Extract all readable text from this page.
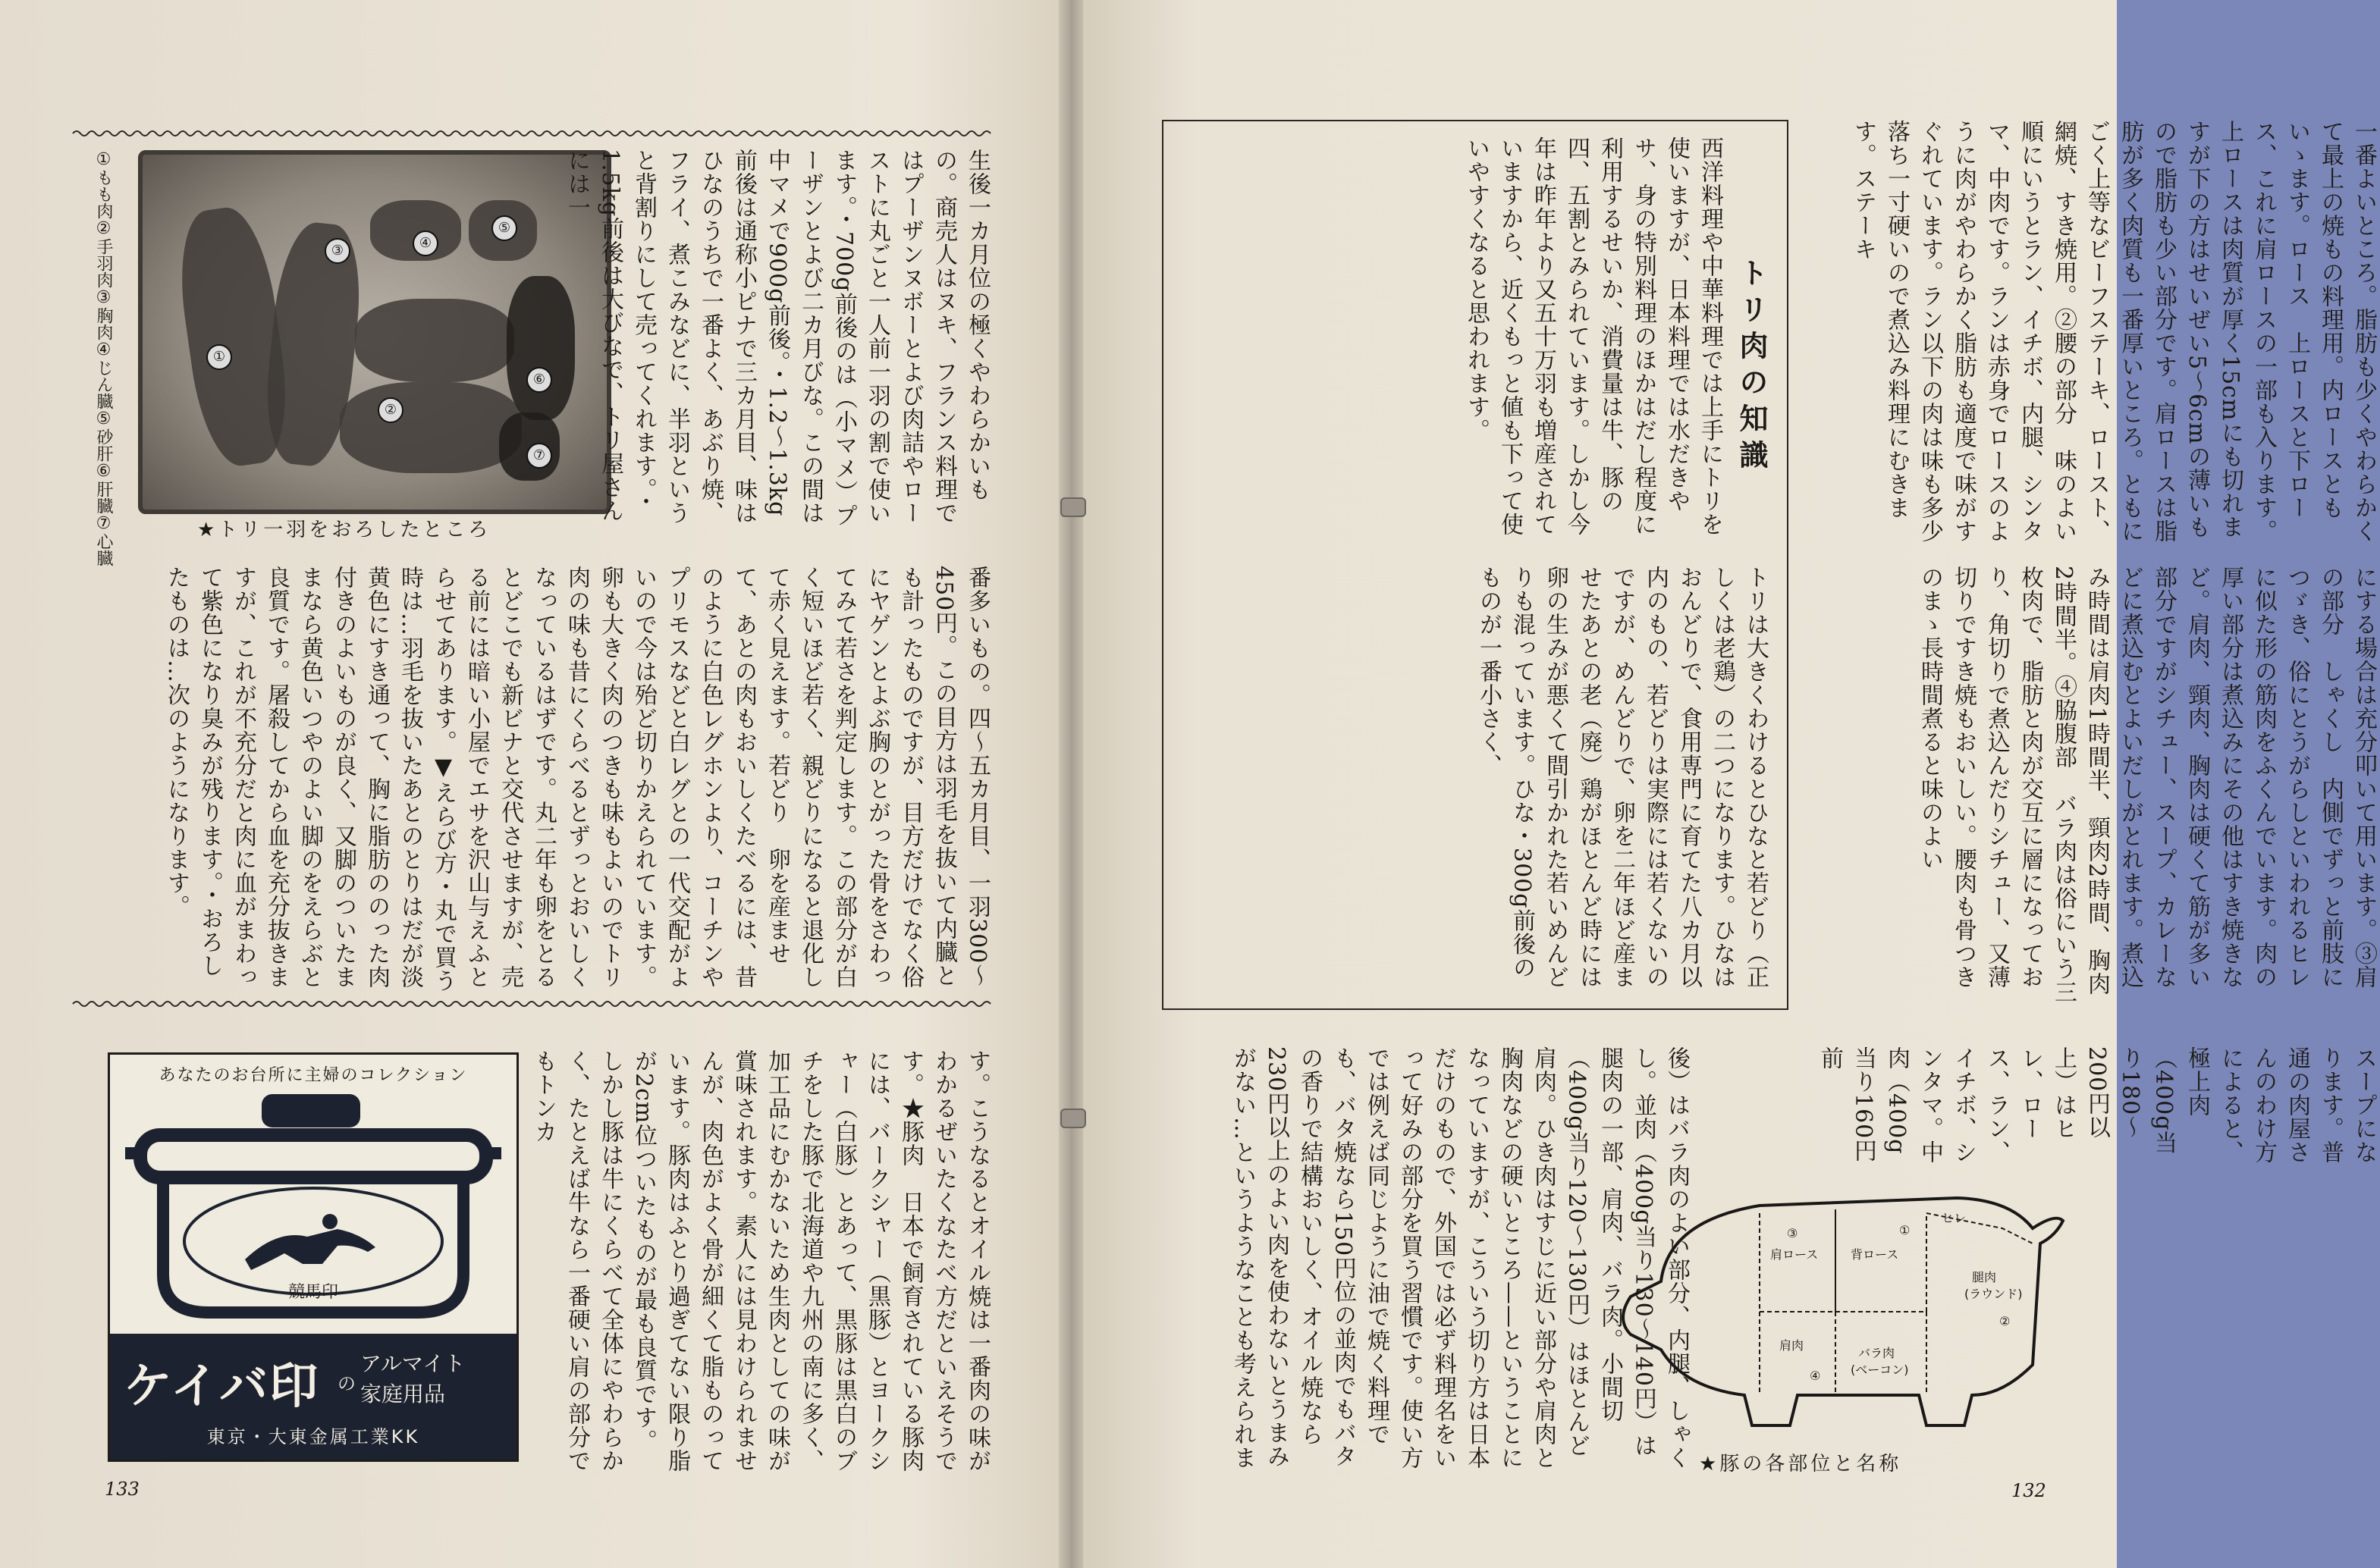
①もも肉②手羽肉③胸肉④じん臓⑤砂肝⑥肝臓⑦心臓	①
②
③	④
⑤
⑥
⑦
★トリ一羽をおろしたところ
生後一カ月位の極くやわらかいもの。商売人はヌキ、フランス料理ではプーザンヌボーとよび肉詰やローストに丸ごと一人前一羽の割で使います。・700g前後のは（小マメ）プーザンとよび二カ月びな。この間は中マメで900g前後。・1.2～1.3kg前後は通称小ピナで三カ月目、味はひなのうちで一番よく、あぶり焼、フライ、煮こみなどに、半羽というと背割りにして売ってくれます。・1.5kg前後は大びなで、トリ屋さんには一
番多いもの。四～五カ月目、一羽300～450円。この目方は羽毛を抜いて内臓とも計ったものですが、目方だけでなく俗にヤゲンとよぶ胸のとがった骨をさわってみて若さを判定します。この部分が白く短いほど若く、親どりになると退化して赤く見えます。若どり　卵を産ませて、あとの肉もおいしくたべるには、昔のように白色レグホンより、コーチンやプリモスなどと白レグとの一代交配がよいので今は殆ど切りかえられています。卵も大きく肉のつきも味もよいのでトリ肉の味も昔にくらべるとずっとおいしくなっているはずです。丸二年も卵をとるとどこでも新ビナと交代させますが、売る前には暗い小屋でエサを沢山与えふとらせてあります。▼えらび方・丸で買う時は…羽毛を抜いたあとのとりはだが淡黄色にすき通って、胸に脂肪ののった肉付きのよいものが良く、又脚のついたままなら黄色いつやのよい脚のをえらぶと良質です。屠殺してから血を充分抜きますが、これが不充分だと肉に血がまわって紫色になり臭みが残ります。・おろしたものは…次のようになります。
あなたのお台所に主婦のコレクション
競馬印
ケイバ印 の
アルマイト
家庭用品
東京・大東金属工業KK	す。こうなるとオイル焼は一番肉の味がわかるぜいたくなたべ方だといえそうです。★豚肉　日本で飼育されている豚肉には、バークシャー（黒豚）とヨークシャー（白豚）とあって、黒豚は黒白のブチをした豚で北海道や九州の南に多く、加工品にむかないため生肉としての味が賞味されます。素人には見わけられませんが、肉色がよく骨が細くて脂ものっています。豚肉はふとり過ぎてない限り脂が2cm位ついたものが最も良質です。しかし豚は牛にくらべて全体にやわらかく、たとえば牛なら一番硬い肩の部分でもトンカ
133
トリ肉の知識
西洋料理や中華料理では上手にトリを使いますが、日本料理では水だきやサ、身の特別料理のほかはだし程度に利用するせいか、消費量は牛、豚の四、五割とみられています。しかし今年は昨年より又五十万羽も増産されていますから、近くもっと値も下って使いやすくなると思われます。
トリは大きくわけるとひなと若どり（正しくは老鶏）の二つになります。ひなはおんどりで、食用専門に育てた八カ月以内のもの、若どりは実際には若くないのですが、めんどりで、卵を二年ほど産ませたあとの老（廃）鶏がほとんど時には卵の生みが悪くて間引かれた若いめんどりも混っています。ひな・300g前後のものが一番小さく、
一番よいところ。脂肪も少くやわらかくて最上の焼もの料理用。内ロースともいゝます。ロース　上ロースと下ロース、これに肩ロースの一部も入ります。上ロースは肉質が厚く15cmにも切れますが下の方はせいぜい5～6cmの薄いもので脂肪も少い部分です。肩ロースは脂肪が多く肉質も一番厚いところ。ともにごく上等なビーフステーキ、ロースト、網焼、すき焼用。②腰の部分　味のよい順にいうとラン、イチボ、内腿、シンタマ、中肉です。ランは赤身でロースのように肉がやわらかく脂肪も適度で味がすぐれています。ラン以下の肉は味も多少落ち一寸硬いので煮込み料理にむきます。ステーキ
にする場合は充分叩いて用います。③肩の部分　しゃくし　内側でずっと前肢につゞき、俗にとうがらしといわれるヒレに似た形の筋肉をふくんでいます。肉の厚い部分は煮込みにその他はすき焼きなど。肩肉、頸肉、胸肉は硬くて筋が多い部分ですがシチュー、スープ、カレーなどに煮込むとよいだしがとれます。煮込み時間は肩肉1時間半、頸肉2時間、胸肉2時間半。④脇腹部　バラ肉は俗にいう三枚肉で、脂肪と肉が交互に層になっており、角切りで煮込んだりシチュー、又薄切りですき焼もおいしい。腰肉も骨つきのまゝ長時間煮ると味のよい
スープになります。普通の肉屋さんのわけ方によると、極上肉（400g当り180～200円以上）はヒレ、ロース、ラン、イチボ、シンタマ。中肉（400g当り160円前
後）はバラ肉のよい部分、内腿、しゃくし。並肉（400g当り130～140円）は腿肉の一部、肩肉、バラ肉。小間切（400g当り120～130円）はほとんど肩肉。ひき肉はすじに近い部分や肩肉と胸肉などの硬いところ——ということになっていますが、こういう切り方は日本だけのもので、外国では必ず料理名をいって好みの部分を買う習慣です。使い方では例えば同じように油で焼く料理でも、バタ焼なら150円位の並肉でもバタの香りで結構おいしく、オイル焼なら230円以上のよい肉を使わないとうまみがない…というようなことも考えられま
132
ヒレ
肩ロース	背ロース
腿肉
(ラウンド)
肩肉
バラ肉
(ベーコン)
①
②
③
④
★豚の各部位と名称
